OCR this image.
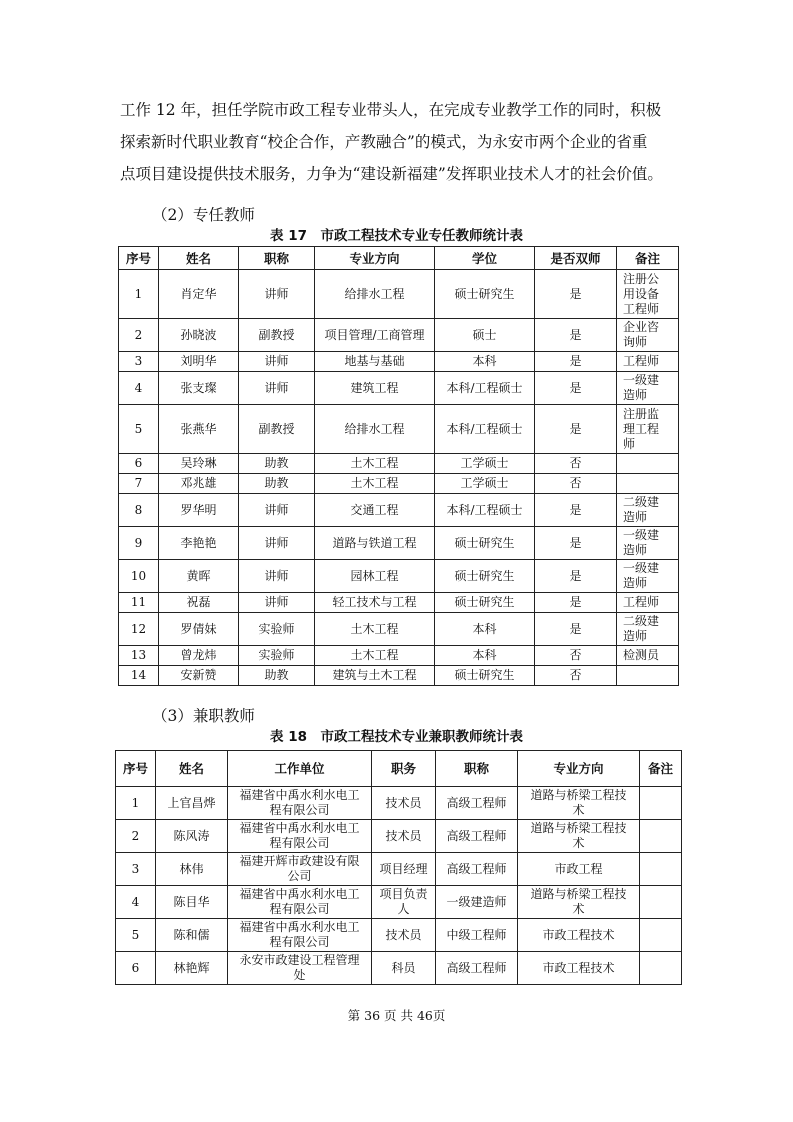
工作 12 年，担任学院市政工程专业带头人，在完成专业教学工作的同时，积极

探索新时代职业教育“校企合作，产教融合”的模式，为永安市两个企业的省重

点项目建设提供技术服务，力争为“建设新福建”发挥职业技术人才的社会价值。

（2）专任教师
表 17　市政工程技术专业专任教师统计表
序号	姓名	职称	专业方向	学位	是否双师	备注
1	肖定华	讲师	给排水工程	硕士研究生	是	注册公
用设备
工程师
2	孙晓波	副教授	项目管理/工商管理	硕士	是	企业咨
询师
3	刘明华	讲师	地基与基础	本科	是	工程师
4	张支璨	讲师	建筑工程	本科/工程硕士	是	一级建
造师
5	张燕华	副教授	给排水工程	本科/工程硕士	是	注册监
理工程
师
6	吴玲琳	助教	土木工程	工学硕士	否	
7	邓兆雄	助教	土木工程	工学硕士	否	
8	罗华明	讲师	交通工程	本科/工程硕士	是	二级建
造师
9	李艳艳	讲师	道路与铁道工程	硕士研究生	是	一级建
造师
10	黄晖	讲师	园林工程	硕士研究生	是	一级建
造师
11	祝磊	讲师	轻工技术与工程	硕士研究生	是	工程师
12	罗倩妹	实验师	土木工程	本科	是	二级建
造师
13	曾龙炜	实验师	土木工程	本科	否	检测员
14	安新赞	助教	建筑与土木工程	硕士研究生	否	
（3）兼职教师
表 18　市政工程技术专业兼职教师统计表
序号	姓名	工作单位	职务	职称	专业方向	备注
1	上官昌烨	福建省中禹水利水电工
程有限公司	技术员	高级工程师	道路与桥梁工程技
术	
2	陈风涛	福建省中禹水利水电工
程有限公司	技术员	高级工程师	道路与桥梁工程技
术	
3	林伟	福建开辉市政建设有限
公司	项目经理	高级工程师	市政工程	
4	陈目华	福建省中禹水利水电工
程有限公司	项目负责
人	一级建造师	道路与桥梁工程技
术	
5	陈和儒	福建省中禹水利水电工
程有限公司	技术员	中级工程师	市政工程技术	
6	林艳辉	永安市政建设工程管理
处	科员	高级工程师	市政工程技术	
第 36 页 共 46页
